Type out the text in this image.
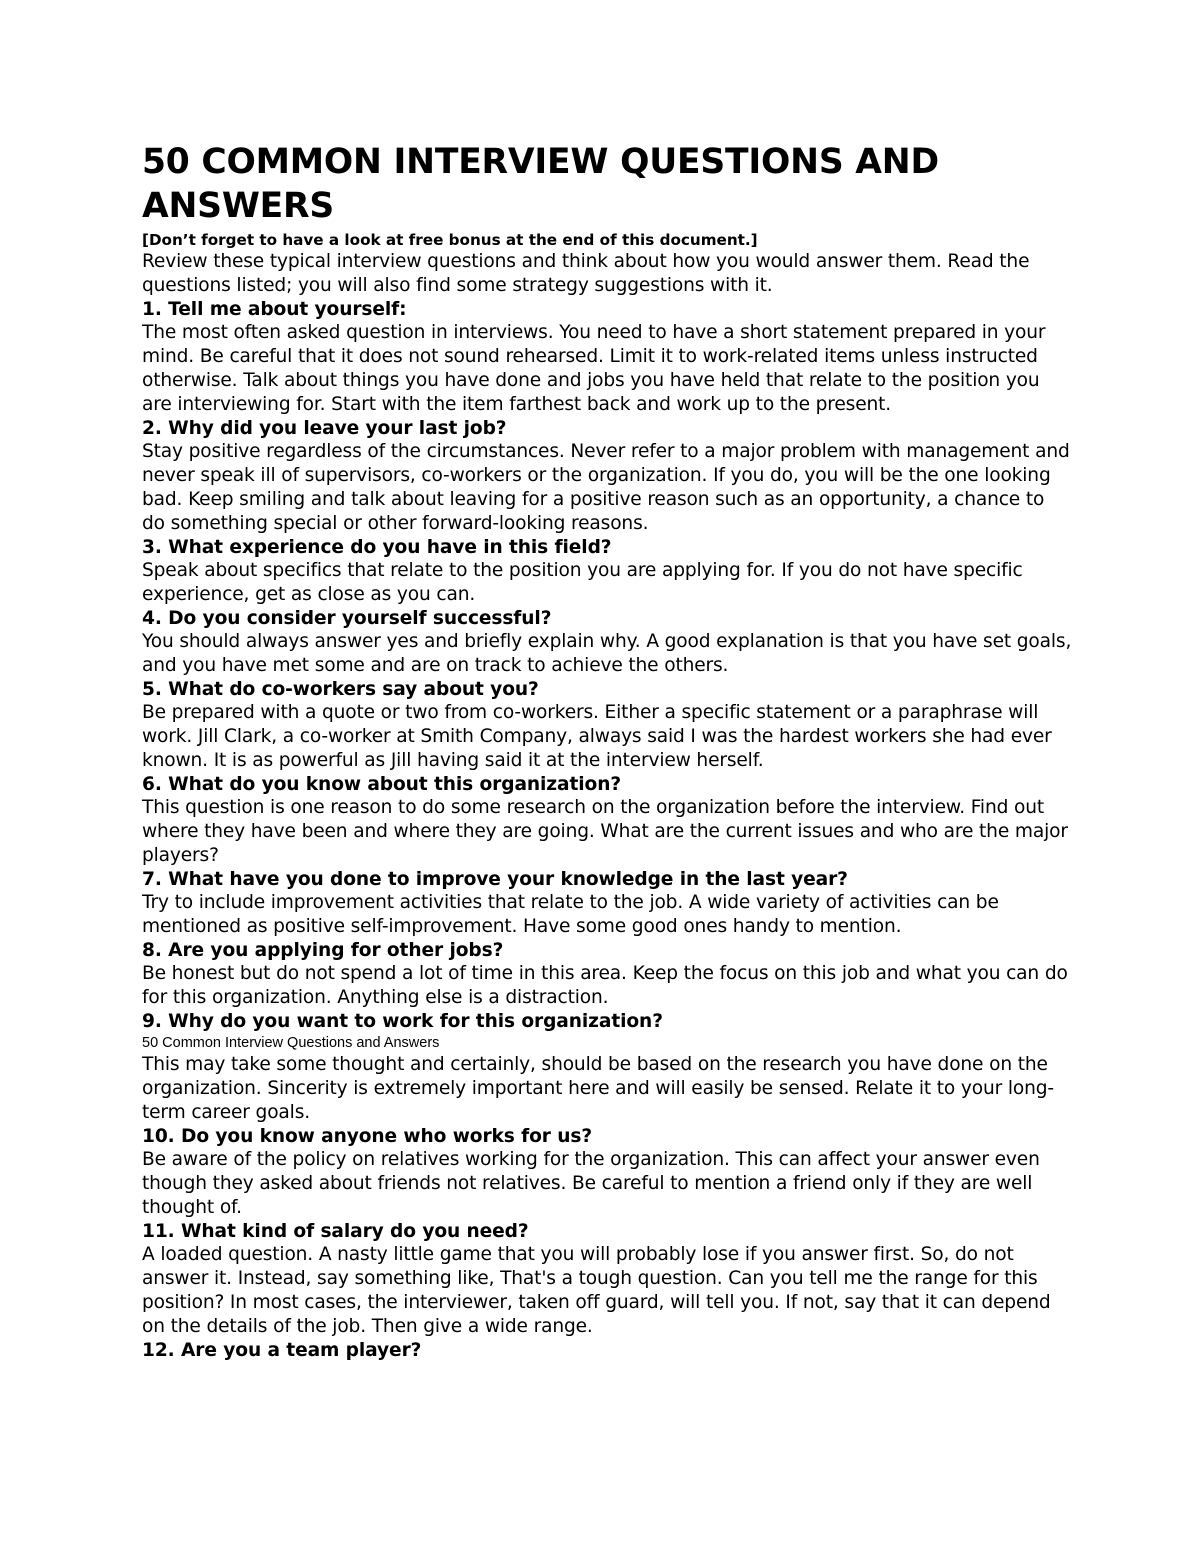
50 COMMON INTERVIEW QUESTIONS AND ANSWERS

[Don’t forget to have a look at free bonus at the end of this document.]

Review these typical interview questions and think about how you would answer them. Read the questions listed; you will also find some strategy suggestions with it.

1. Tell me about yourself:

The most often asked question in interviews. You need to have a short statement prepared in your mind. Be careful that it does not sound rehearsed. Limit it to work-related items unless instructed otherwise. Talk about things you have done and jobs you have held that relate to the position you are interviewing for. Start with the item farthest back and work up to the present.

2. Why did you leave your last job?

Stay positive regardless of the circumstances. Never refer to a major problem with management and never speak ill of supervisors, co-workers or the organization. If you do, you will be the one looking bad. Keep smiling and talk about leaving for a positive reason such as an opportunity, a chance to do something special or other forward-looking reasons.

3. What experience do you have in this field?

Speak about specifics that relate to the position you are applying for. If you do not have specific experience, get as close as you can.

4. Do you consider yourself successful?

You should always answer yes and briefly explain why. A good explanation is that you have set goals, and you have met some and are on track to achieve the others.

5. What do co-workers say about you?

Be prepared with a quote or two from co-workers. Either a specific statement or a paraphrase will work. Jill Clark, a co-worker at Smith Company, always said I was the hardest workers she had ever known. It is as powerful as Jill having said it at the interview herself.

6. What do you know about this organization?

This question is one reason to do some research on the organization before the interview. Find out where they have been and where they are going. What are the current issues and who are the major players?

7. What have you done to improve your knowledge in the last year?

Try to include improvement activities that relate to the job. A wide variety of activities can be mentioned as positive self-improvement. Have some good ones handy to mention.

8. Are you applying for other jobs?

Be honest but do not spend a lot of time in this area. Keep the focus on this job and what you can do for this organization. Anything else is a distraction.

9. Why do you want to work for this organization?

50 Common Interview Questions and Answers

This may take some thought and certainly, should be based on the research you have done on the organization. Sincerity is extremely important here and will easily be sensed. Relate it to your long-term career goals.

10. Do you know anyone who works for us?

Be aware of the policy on relatives working for the organization. This can affect your answer even though they asked about friends not relatives. Be careful to mention a friend only if they are well thought of.

11. What kind of salary do you need?

A loaded question. A nasty little game that you will probably lose if you answer first. So, do not answer it. Instead, say something like, That's a tough question. Can you tell me the range for this position? In most cases, the interviewer, taken off guard, will tell you. If not, say that it can depend on the details of the job. Then give a wide range.

12. Are you a team player?
